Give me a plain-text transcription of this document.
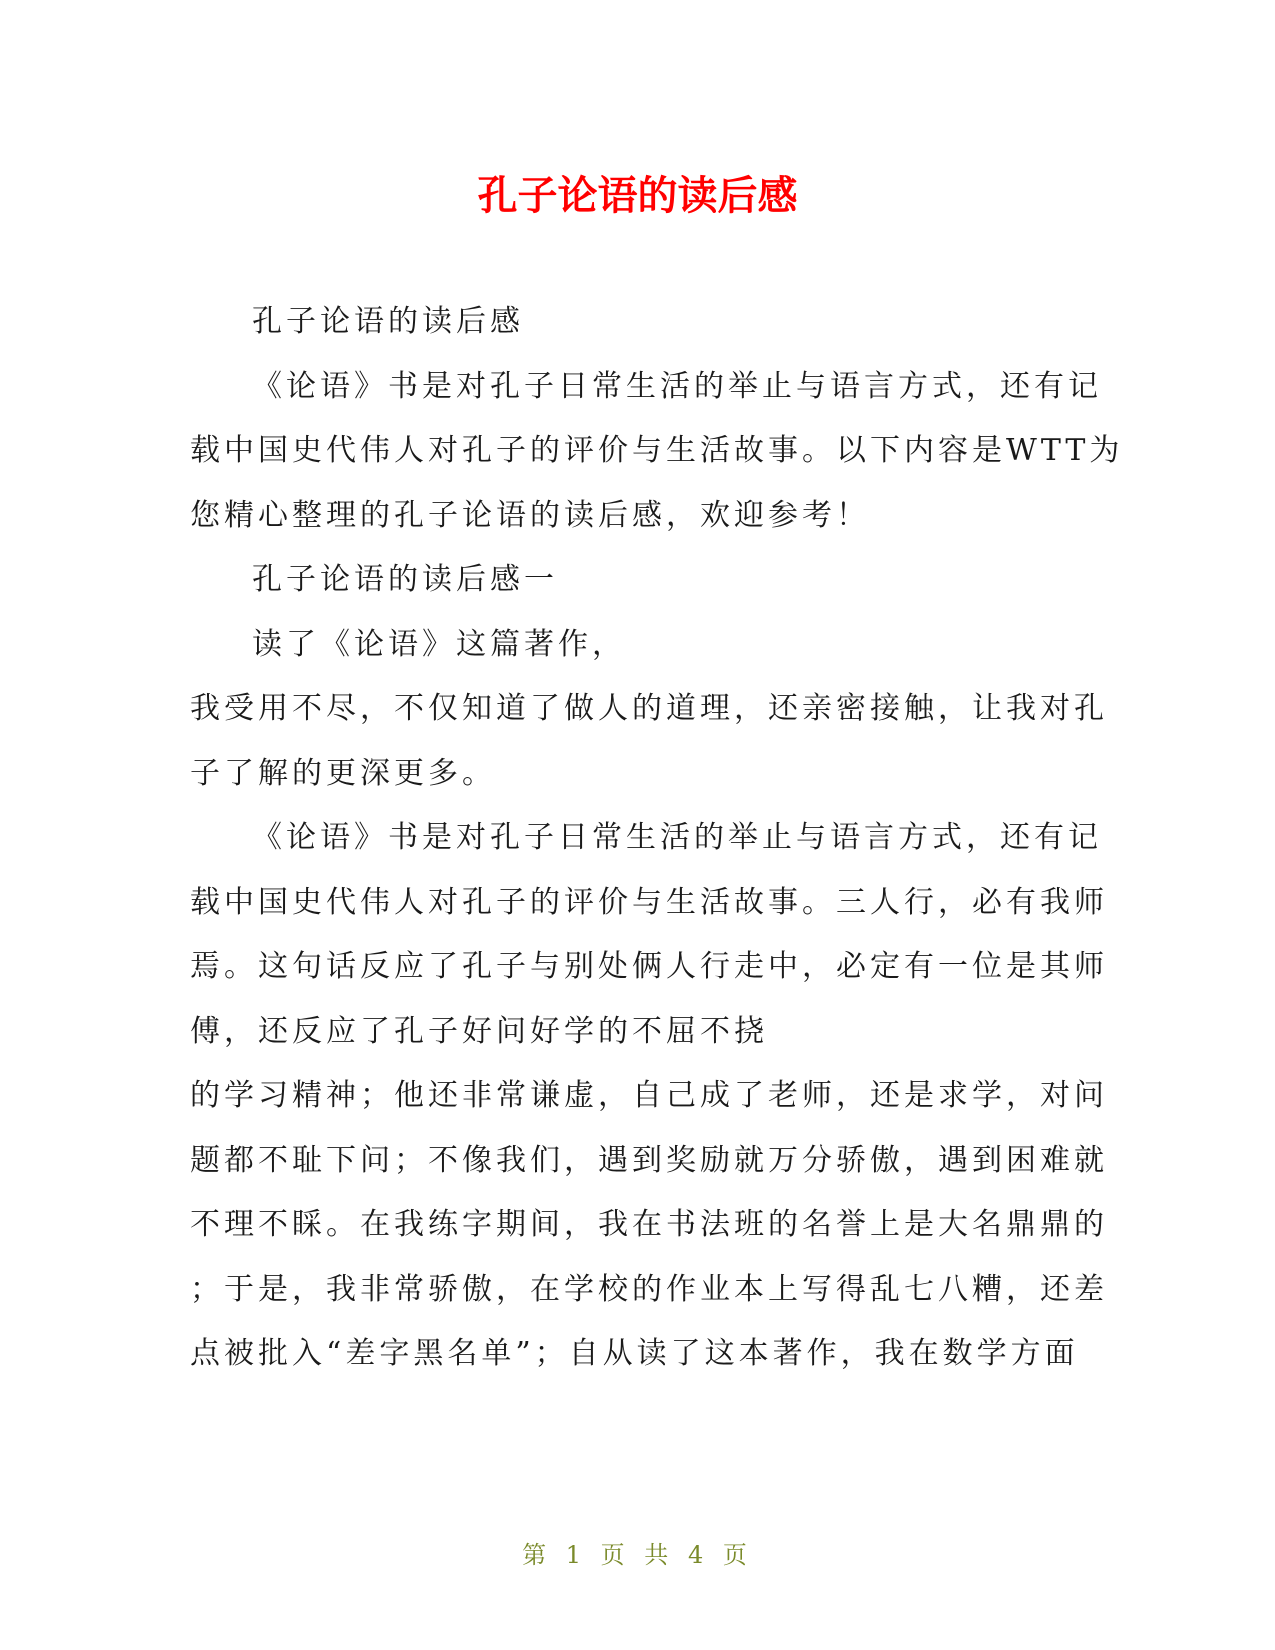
孔子论语的读后感
孔子论语的读后感
《论语》书是对孔子日常生活的举止与语言方式，还有记
载中国史代伟人对孔子的评价与生活故事。以下内容是WTT为
您精心整理的孔子论语的读后感，欢迎参考！
孔子论语的读后感一
读了《论语》这篇著作，
我受用不尽，不仅知道了做人的道理，还亲密接触，让我对孔
子了解的更深更多。
《论语》书是对孔子日常生活的举止与语言方式，还有记
载中国史代伟人对孔子的评价与生活故事。三人行，必有我师
焉。这句话反应了孔子与别处俩人行走中，必定有一位是其师
傅，还反应了孔子好问好学的不屈不挠
的学习精神；他还非常谦虚，自己成了老师，还是求学，对问
题都不耻下问；不像我们，遇到奖励就万分骄傲，遇到困难就
不理不睬。在我练字期间，我在书法班的名誉上是大名鼎鼎的
；于是，我非常骄傲，在学校的作业本上写得乱七八糟，还差
点被批入“差字黑名单”；自从读了这本著作，我在数学方面
第 1 页 共 4 页
